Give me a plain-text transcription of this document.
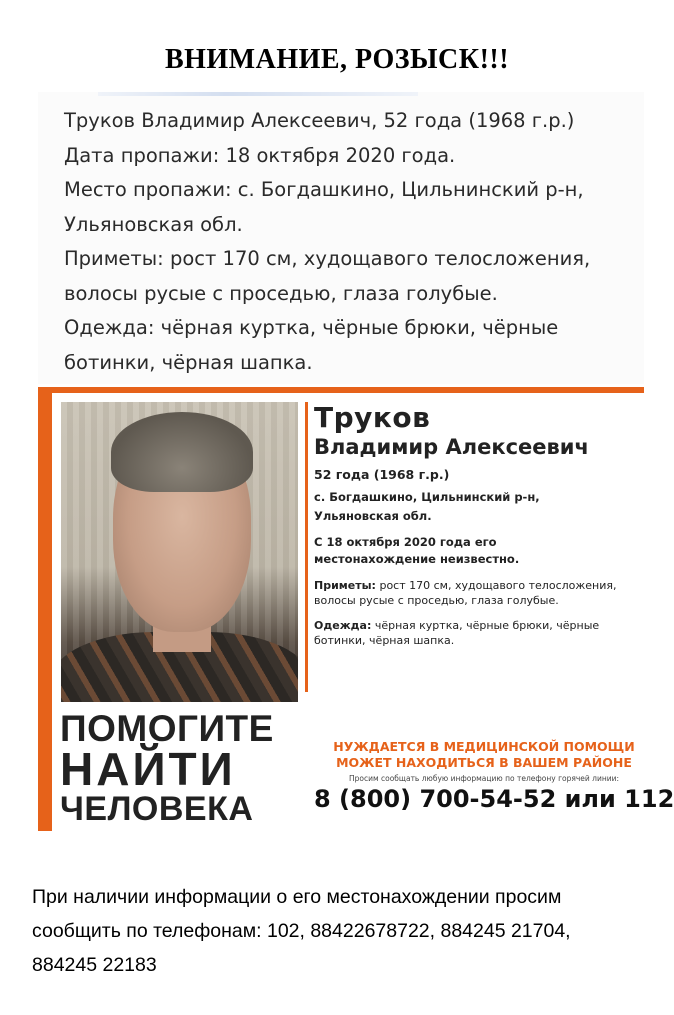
ВНИМАНИЕ, РОЗЫСК!!!
Труков Владимир Алексеевич, 52 года (1968 г.р.)
Дата пропажи: 18 октября 2020 года.
Место пропажи: с. Богдашкино, Цильнинский р-н,
Ульяновская обл.
Приметы: рост 170 см, худощавого телосложения,
волосы русые с проседью, глаза голубые.
Одежда: чёрная куртка, чёрные брюки, чёрные
ботинки, чёрная шапка.
ПОМОГИТЕ
НАЙТИ
ЧЕЛОВЕКА
Труков
Владимир Алексеевич
52 года (1968 г.р.)
с. Богдашкино, Цильнинский р-н,
Ульяновская обл.
С 18 октября 2020 года его
местонахождение неизвестно.
Приметы: рост 170 см, худощавого телосложения, волосы русые с проседью, глаза голубые.
Одежда: чёрная куртка, чёрные брюки, чёрные ботинки, чёрная шапка.
НУЖДАЕТСЯ В МЕДИЦИНСКОЙ ПОМОЩИ
МОЖЕТ НАХОДИТЬСЯ В ВАШЕМ РАЙОНЕ
Просим сообщать любую информацию по телефону горячей линии:
8 (800) 700-54-52 или 112
При наличии информации о его местонахождении просим
сообщить по телефонам: 102, 88422678722, 884245 21704,
884245 22183
